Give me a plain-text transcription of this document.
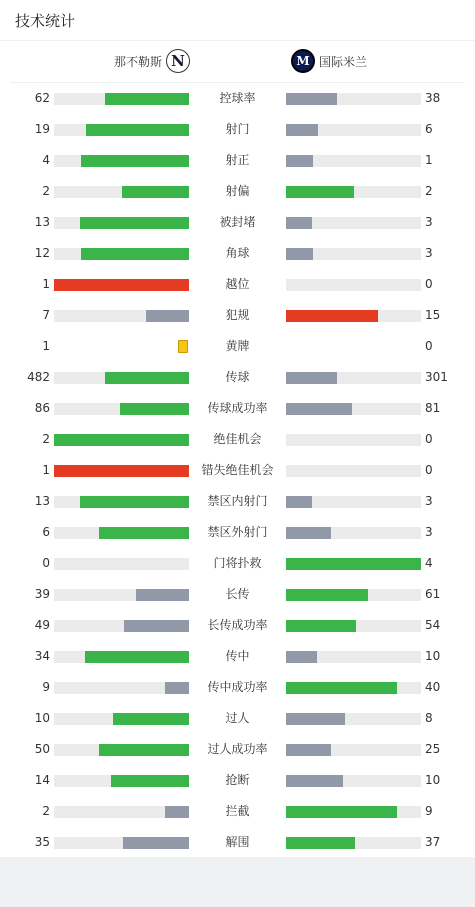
技术统计
那不勒斯 N	M 国际米兰
62	控球率	38
19	射门	6
4	射正	1
2	射偏	2
13	被封堵	3
12	角球	3
1	越位	0
7	犯规	15
1	黄牌	0
482	传球	301
86	传球成功率	81
2	绝佳机会	0
1	错失绝佳机会	0
13	禁区内射门	3
6	禁区外射门	3
0	门将扑救	4
39	长传	61
49	长传成功率	54
34	传中	10
9	传中成功率	40
10	过人	8
50	过人成功率	25
14	抢断	10
2	拦截	9
35	解围	37
